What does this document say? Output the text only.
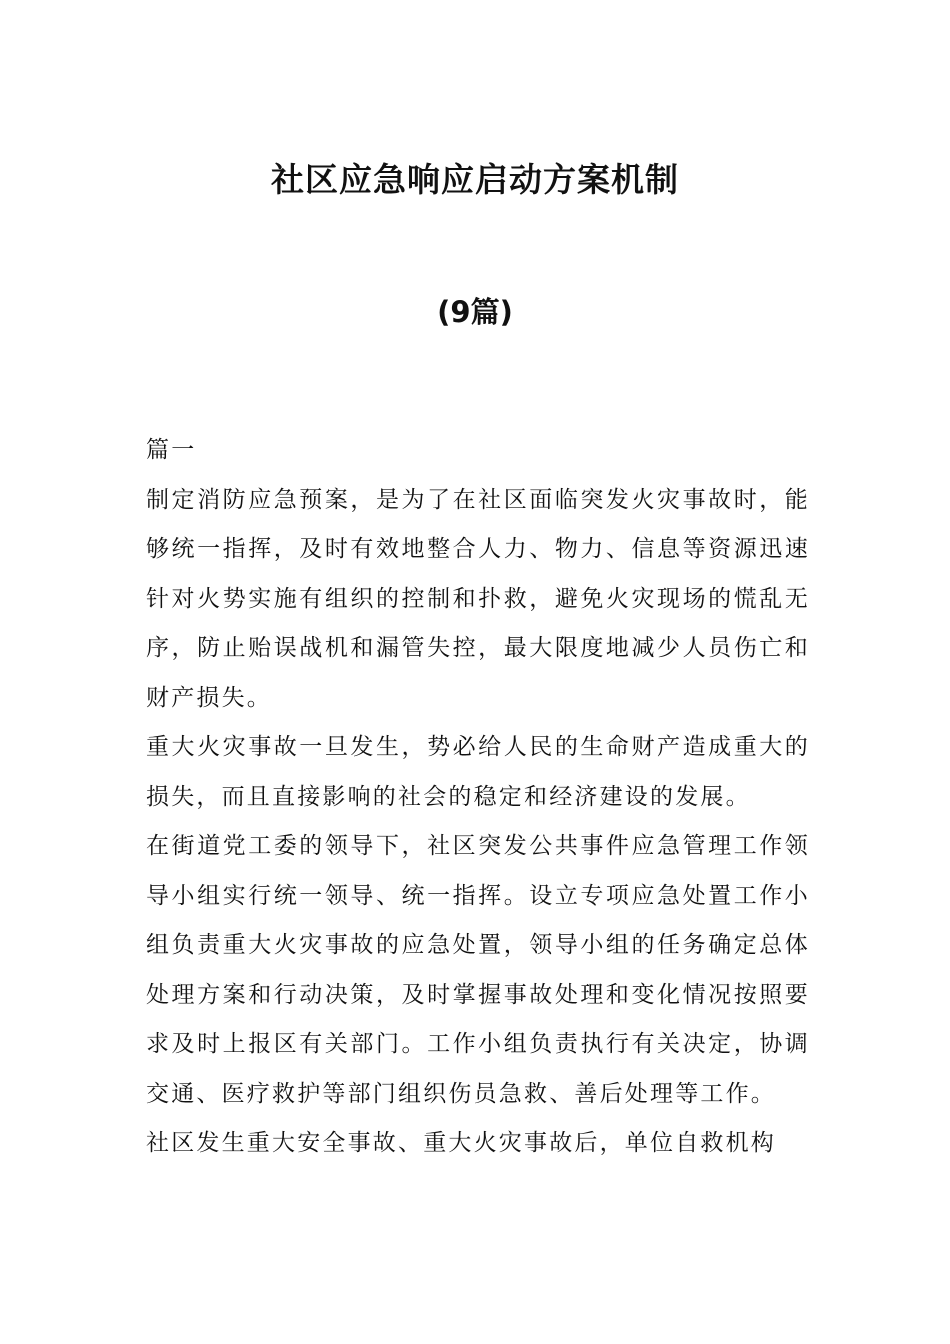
社区应急响应启动方案机制
(9篇)

篇一

制定消防应急预案，是为了在社区面临突发火灾事故时，能够统一指挥，及时有效地整合人力、物力、信息等资源迅速针对火势实施有组织的控制和扑救，避免火灾现场的慌乱无序，防止贻误战机和漏管失控，最大限度地减少人员伤亡和财产损失。

重大火灾事故一旦发生，势必给人民的生命财产造成重大的损失，而且直接影响的社会的稳定和经济建设的发展。

在街道党工委的领导下，社区突发公共事件应急管理工作领导小组实行统一领导、统一指挥。设立专项应急处置工作小组负责重大火灾事故的应急处置，领导小组的任务确定总体处理方案和行动决策，及时掌握事故处理和变化情况按照要求及时上报区有关部门。工作小组负责执行有关决定，协调交通、医疗救护等部门组织伤员急救、善后处理等工作。

社区发生重大安全事故、重大火灾事故后，单位自救机构
